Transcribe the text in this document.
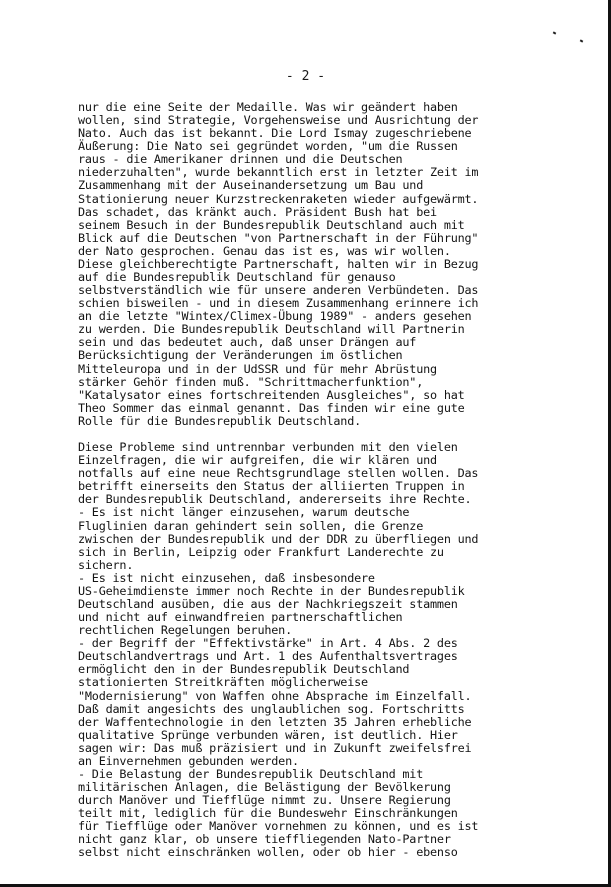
- 2 -
nur die eine Seite der Medaille. Was wir geändert haben
wollen, sind Strategie, Vorgehensweise und Ausrichtung der
Nato. Auch das ist bekannt. Die Lord Ismay zugeschriebene
Äußerung: Die Nato sei gegründet worden, "um die Russen
raus - die Amerikaner drinnen und die Deutschen
niederzuhalten", wurde bekanntlich erst in letzter Zeit im
Zusammenhang mit der Auseinandersetzung um Bau und
Stationierung neuer Kurzstreckenraketen wieder aufgewärmt.
Das schadet, das kränkt auch. Präsident Bush hat bei
seinem Besuch in der Bundesrepublik Deutschland auch mit
Blick auf die Deutschen "von Partnerschaft in der Führung"
der Nato gesprochen. Genau das ist es, was wir wollen.
Diese gleichberechtigte Partnerschaft, halten wir in Bezug
auf die Bundesrepublik Deutschland für genauso
selbstverständlich wie für unsere anderen Verbündeten. Das
schien bisweilen - und in diesem Zusammenhang erinnere ich
an die letzte "Wintex/Climex-Übung 1989" - anders gesehen
zu werden. Die Bundesrepublik Deutschland will Partnerin
sein und das bedeutet auch, daß unser Drängen auf
Berücksichtigung der Veränderungen im östlichen
Mitteleuropa und in der UdSSR und für mehr Abrüstung
stärker Gehör finden muß. "Schrittmacherfunktion",
"Katalysator eines fortschreitenden Ausgleiches", so hat
Theo Sommer das einmal genannt. Das finden wir eine gute
Rolle für die Bundesrepublik Deutschland.
Diese Probleme sind untrennbar verbunden mit den vielen
Einzelfragen, die wir aufgreifen, die wir klären und
notfalls auf eine neue Rechtsgrundlage stellen wollen. Das
betrifft einerseits den Status der alliierten Truppen in
der Bundesrepublik Deutschland, andererseits ihre Rechte.
- Es ist nicht länger einzusehen, warum deutsche
Fluglinien daran gehindert sein sollen, die Grenze
zwischen der Bundesrepublik und der DDR zu überfliegen und
sich in Berlin, Leipzig oder Frankfurt Landerechte zu
sichern.
- Es ist nicht einzusehen, daß insbesondere
US-Geheimdienste immer noch Rechte in der Bundesrepublik
Deutschland ausüben, die aus der Nachkriegszeit stammen
und nicht auf einwandfreien partnerschaftlichen
rechtlichen Regelungen beruhen.
- der Begriff der "Effektivstärke" in Art. 4 Abs. 2 des
Deutschlandvertrags und Art. 1 des Aufenthaltsvertrages
ermöglicht den in der Bundesrepublik Deutschland
stationierten Streitkräften möglicherweise
"Modernisierung" von Waffen ohne Absprache im Einzelfall.
Daß damit angesichts des unglaublichen sog. Fortschritts
der Waffentechnologie in den letzten 35 Jahren erhebliche
qualitative Sprünge verbunden wären, ist deutlich. Hier
sagen wir: Das muß präzisiert und in Zukunft zweifelsfrei
an Einvernehmen gebunden werden.
- Die Belastung der Bundesrepublik Deutschland mit
militärischen Anlagen, die Belästigung der Bevölkerung
durch Manöver und Tiefflüge nimmt zu. Unsere Regierung
teilt mit, lediglich für die Bundeswehr Einschränkungen
für Tiefflüge oder Manöver vornehmen zu können, und es ist
nicht ganz klar, ob unsere tieffliegenden Nato-Partner
selbst nicht einschränken wollen, oder ob hier - ebenso
